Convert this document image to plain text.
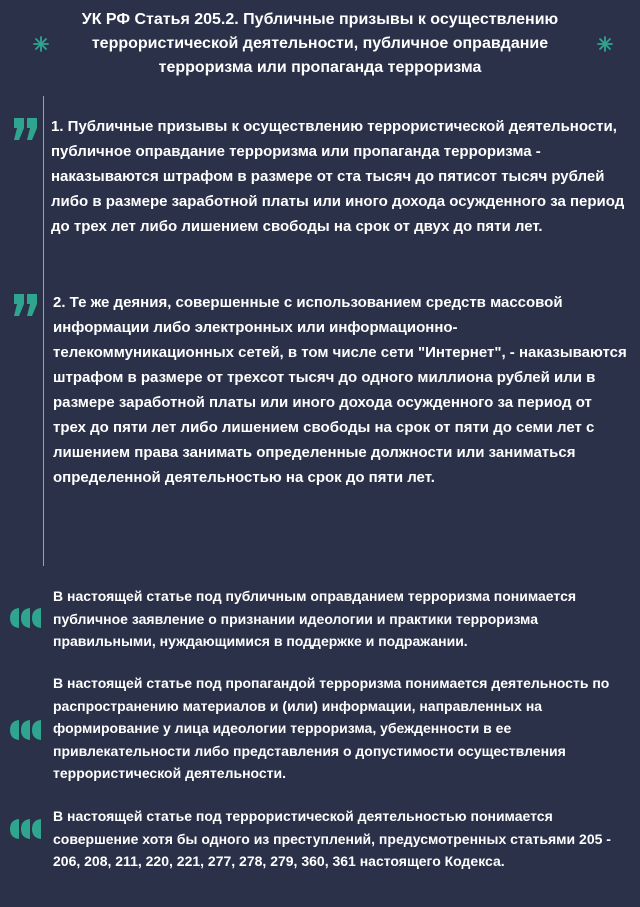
УК РФ Статья 205.2. Публичные призывы к осуществлению террористической деятельности, публичное оправдание терроризма или пропаганда терроризма
1. Публичные призывы к осуществлению террористической деятельности, публичное оправдание терроризма или пропаганда терроризма - наказываются штрафом в размере от ста тысяч до пятисот тысяч рублей либо в размере заработной платы или иного дохода осужденного за период до трех лет либо лишением свободы на срок от двух до пяти лет.
2. Те же деяния, совершенные с использованием средств массовой информации либо электронных или информационно-телекоммуникационных сетей, в том числе сети "Интернет", - наказываются штрафом в размере от трехсот тысяч до одного миллиона рублей или в размере заработной платы или иного дохода осужденного за период от трех до пяти лет либо лишением свободы на срок от пяти до семи лет с лишением права занимать определенные должности или заниматься определенной деятельностью на срок до пяти лет.
В настоящей статье под публичным оправданием терроризма понимается публичное заявление о признании идеологии и практики терроризма правильными, нуждающимися в поддержке и подражании.
В настоящей статье под пропагандой терроризма понимается деятельность по распространению материалов и (или) информации, направленных на формирование у лица идеологии терроризма, убежденности в ее привлекательности либо представления о допустимости осуществления террористической деятельности.
В настоящей статье под террористической деятельностью понимается совершение хотя бы одного из преступлений, предусмотренных статьями 205 - 206, 208, 211, 220, 221, 277, 278, 279, 360, 361 настоящего Кодекса.
